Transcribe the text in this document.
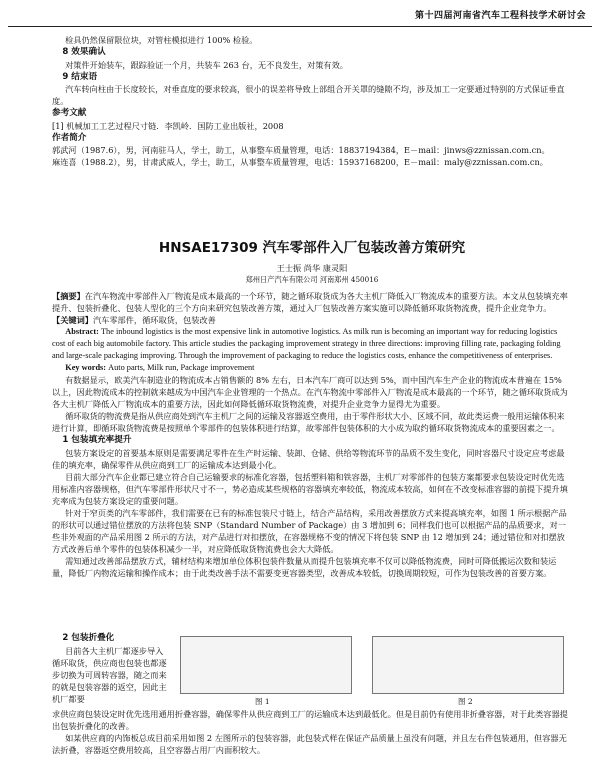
第十四届河南省汽车工程科技学术研讨会

检具仍然保留限位块，对管柱模拟进行 100% 检验。

8 效果确认

对策件开始装车，跟踪验证一个月，共装车 263 台，无不良发生，对策有效。

9 结束语

汽车转向柱由于长度较长，对垂直度的要求较高，很小的误差将导致上部组合开关罩的缝隙不均，涉及加工一定要通过特别的方式保证垂直度。

参考文献

[1] 机械加工工艺过程尺寸链．李凯岭．国防工业出版社，2008

作者简介

郭武河（1987.6），男，河南驻马人，学士，助工，从事整车质量管理，电话：18837194384，E－mail：jinws@zznissan.com.cn。

麻连喜（1988.2），男，甘肃武威人，学士，助工，从事整车质量管理，电话：15937168200，E－mail：maly@zznissan.com.cn。

HNSAE17309 汽车零部件入厂包装改善方策研究

王士振 尚华 康灵阳

郑州日产汽车有限公司 河南郑州 450016

【摘要】在汽车物流中零部件入厂物流是成本最高的一个环节，随之循环取货成为各大主机厂降低入厂物流成本的重要方法。本文从包装填充率提升、包装折叠化、包装人型化的三个方向来研究包装改善方策，通过入厂包装改善方案实施可以降低循环取货物流费，提升企业竞争力。

【关键词】汽车零部件，循环取货，包装改善

Abstract: The inbound logistics is the most expensive link in automotive logistics. As milk run is becoming an important way for reducing logistics cost of each big automobile factory. This article studies the packaging improvement strategy in three directions: improving filling rate, packaging folding and large-scale packaging improving. Through the improvement of packaging to reduce the logistics costs, enhance the competitiveness of enterprises.

Key words: Auto parts, Milk run, Package improvement

有数据显示，欧美汽车制造业的物流成本占销售额的 8% 左右，日本汽车厂商可以达到 5%，而中国汽车生产企业的物流成本普遍在 15% 以上，因此物流成本的控制就来越成为中国汽车企业管理的一个热点。在汽车物流中零部件入厂物流是成本最高的一个环节，随之循环取货成为各大主机厂降低入厂物流成本的重要方法，因此如何降低循环取货物流费，对提升企业竞争力显得尤为重要。

循环取货的物流费是指从供应商处到汽车主机厂之间的运输及容器返空费用，由于零件形状大小、区域不同，故此类运费一般用运输体积来进行计算，即循环取货物流费是按照单个零部件的包装体积进行结算，故零部件包装体积的大小成为取约循环取货物流成本的重要因素之一。

1 包装填充率提升

包装方案设定的首要基本原则是需要满足零件在生产时运输、装卸、仓储、供给等物流环节的品质不发生变化，同时容器尺寸设定应考虑最佳的填充率，确保零件从供应商到工厂的运输成本达到最小化。

目前大部分汽车企业都已建立符合自己运输要求的标准化容器，包括塑料箱和铁容器，主机厂对零部件的包装方案都要求包装设定时优先选用标准内容器规格，但汽车零部件形状尺寸不一，势必造成某些规格的容器填充率较低，物流成本较高，如何在不改变标准容器的前提下提升填充率成为包装方案设定的重要问题。

针对于窄页类的汽车零部件，我们需要在已有的标准包装尺寸链上，结合产品结构，采用改善摆放方式来提高填充率，如图 1 所示根据产品的形状可以通过错位摆放的方法将包装 SNP（Standard Number of Package）由 3 增加到 6；同样我们也可以根据产品的品质要求，对一些非外观面的产品采用图 2 所示的方法，对产品进行对扣摆放，在容器规格不变的情况下将包装 SNP 由 12 增加到 24；通过错位和对扣摆放方式改善后单个零件的包装体积减少一半，对应降低取货物流费也会大大降低。

需知通过改善部品摆放方式，辅材结构来增加单位体积包装件数量从而提升包装填充率不仅可以降低物流费，同时可降低搬运次数和装运量，降低厂内物流运输和操作成本；由于此类改善手法不需要变更容器类型，改善成本较低，切换周期较短，可作为包装改善的首要方案。

2 包装折叠化

目前各大主机厂都逐步导入循环取货，供应商也包装也都逐步切换为可周转容器，随之而来的就是包装容器的返空，因此主机厂都要	图 1	图 2

求供应商包装设定时优先选用通用折叠容器，确保零件从供应商到工厂的运输成本达到最低化。但是目前仍有使用非折叠容器，对于此类容器提出包装折叠化的改善。

如某供应商的内饰板总成目前采用如图 2 左图所示的包装容器，此包装式样在保证产品质量上虽没有问题，并且左右件包装通用，但容器无法折叠，容器返空费用较高，且空容器占用厂内面积较大。
